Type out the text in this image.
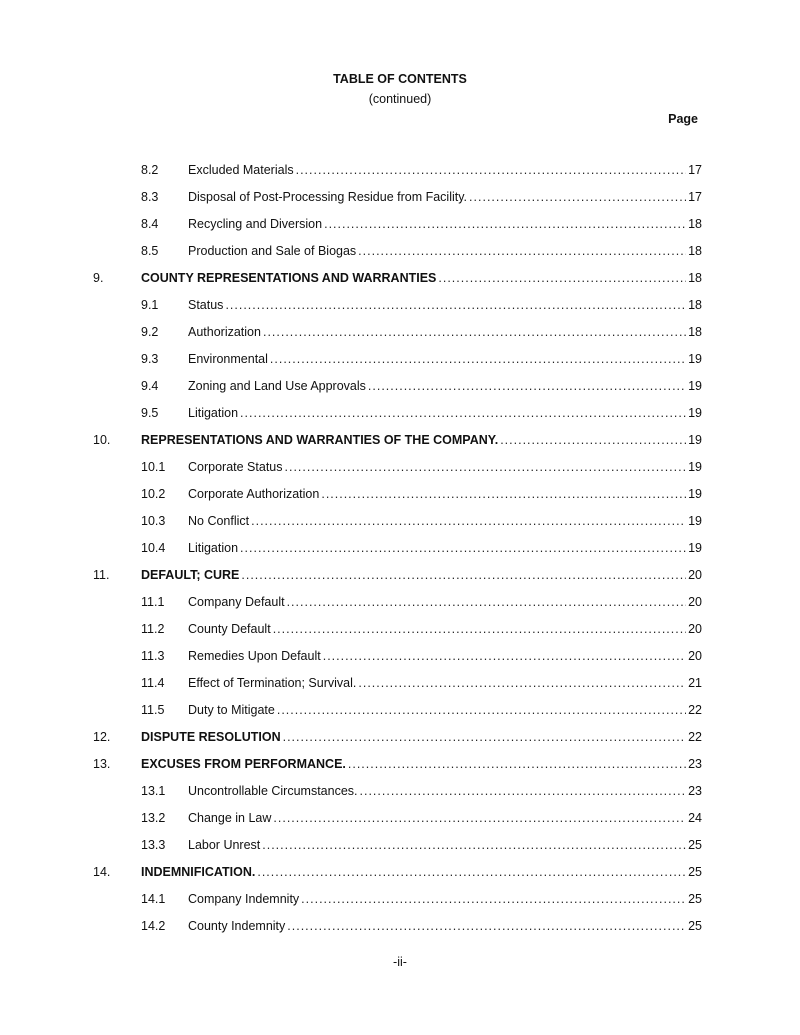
TABLE OF CONTENTS
(continued)
Page
8.2 Excluded Materials .....	17
8.3 Disposal of Post-Processing Residue from Facility. .....	17
8.4 Recycling and Diversion .....	18
8.5 Production and Sale of Biogas .....	18
9.	COUNTY REPRESENTATIONS AND WARRANTIES .....	18
9.1 Status .....	18
9.2 Authorization .....	18
9.3 Environmental .....	19
9.4 Zoning and Land Use Approvals .....	19
9.5 Litigation .....	19
10. REPRESENTATIONS AND WARRANTIES OF THE COMPANY. .....	19
10.1 Corporate Status .....	19
10.2 Corporate Authorization .....	19
10.3 No Conflict .....	19
10.4 Litigation .....	19
11.	DEFAULT; CURE .....	20
11.1 Company Default .....	20
11.2 County Default .....	20
11.3 Remedies Upon Default .....	20
11.4 Effect of Termination; Survival. .....	21
11.5 Duty to Mitigate .....	22
12. DISPUTE RESOLUTION .....	22
13. EXCUSES FROM PERFORMANCE. .....	23
13.1 Uncontrollable Circumstances. .....	23
13.2 Change in Law .....	24
13.3 Labor Unrest .....	25
14. INDEMNIFICATION. .....	25
14.1 Company Indemnity .....	25
14.2 County Indemnity .....	25
-ii-
